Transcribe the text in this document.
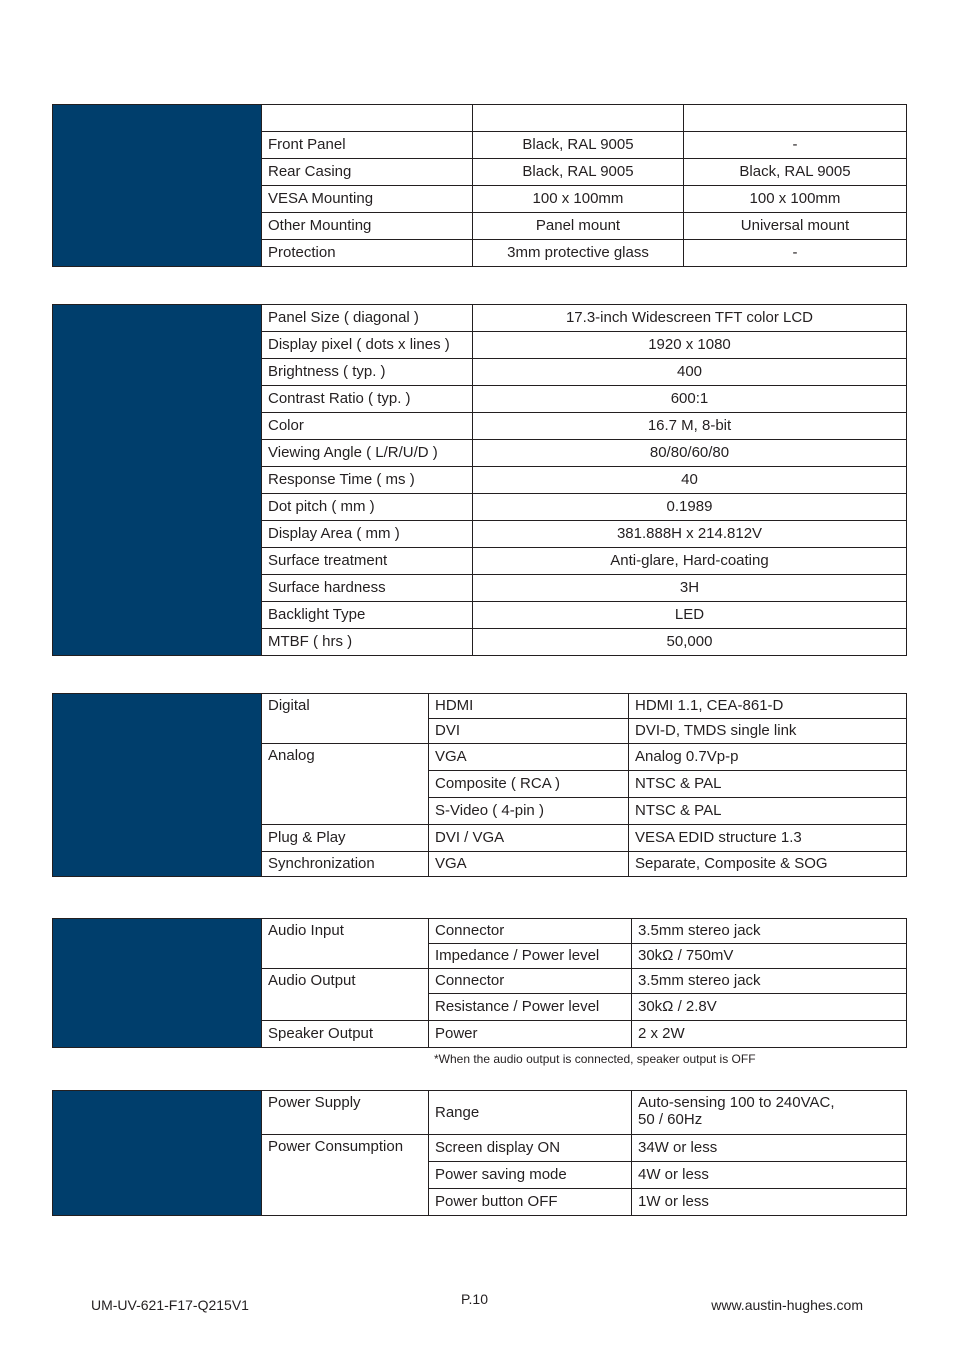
	Front Panel	Black, RAL 9005	-
	Rear Casing	Black, RAL 9005	Black, RAL 9005
	VESA Mounting	100 x 100mm	100 x 100mm
	Other Mounting	Panel mount	Universal mount
	Protection	3mm protective glass	-
	Panel Size ( diagonal )	17.3-inch Widescreen TFT color LCD
	Display pixel ( dots x lines )	1920 x 1080
	Brightness ( typ. )	400
	Contrast Ratio ( typ. )	600:1
	Color	16.7 M, 8-bit
	Viewing Angle ( L/R/U/D )	80/80/60/80
	Response Time ( ms )	40
	Dot pitch ( mm )	0.1989
	Display Area ( mm )	381.888H x 214.812V
	Surface treatment	Anti-glare, Hard-coating
	Surface hardness	3H
	Backlight Type	LED
	MTBF ( hrs )	50,000
	Digital	HDMI	HDMI 1.1, CEA-861-D
		DVI	DVI-D, TMDS single link
	Analog	VGA	Analog 0.7Vp-p
		Composite ( RCA )	NTSC & PAL
		S-Video ( 4-pin )	NTSC & PAL
	Plug & Play	DVI / VGA	VESA EDID structure 1.3
	Synchronization	VGA	Separate, Composite & SOG
	Audio Input	Connector	3.5mm stereo jack
		Impedance / Power level	30kΩ / 750mV
	Audio Output	Connector	3.5mm stereo jack
		Resistance / Power level	30kΩ / 2.8V
	Speaker Output	Power	2 x 2W
*When the audio output is connected, speaker output is OFF
	Power Supply	Range	Auto-sensing 100 to 240VAC,
50 / 60Hz

	Power Consumption	Screen display ON	34W or less
		Power saving mode	4W or less
		Power button OFF	1W or less
UM-UV-621-F17-Q215V1	P.10	www.austin-hughes.com
